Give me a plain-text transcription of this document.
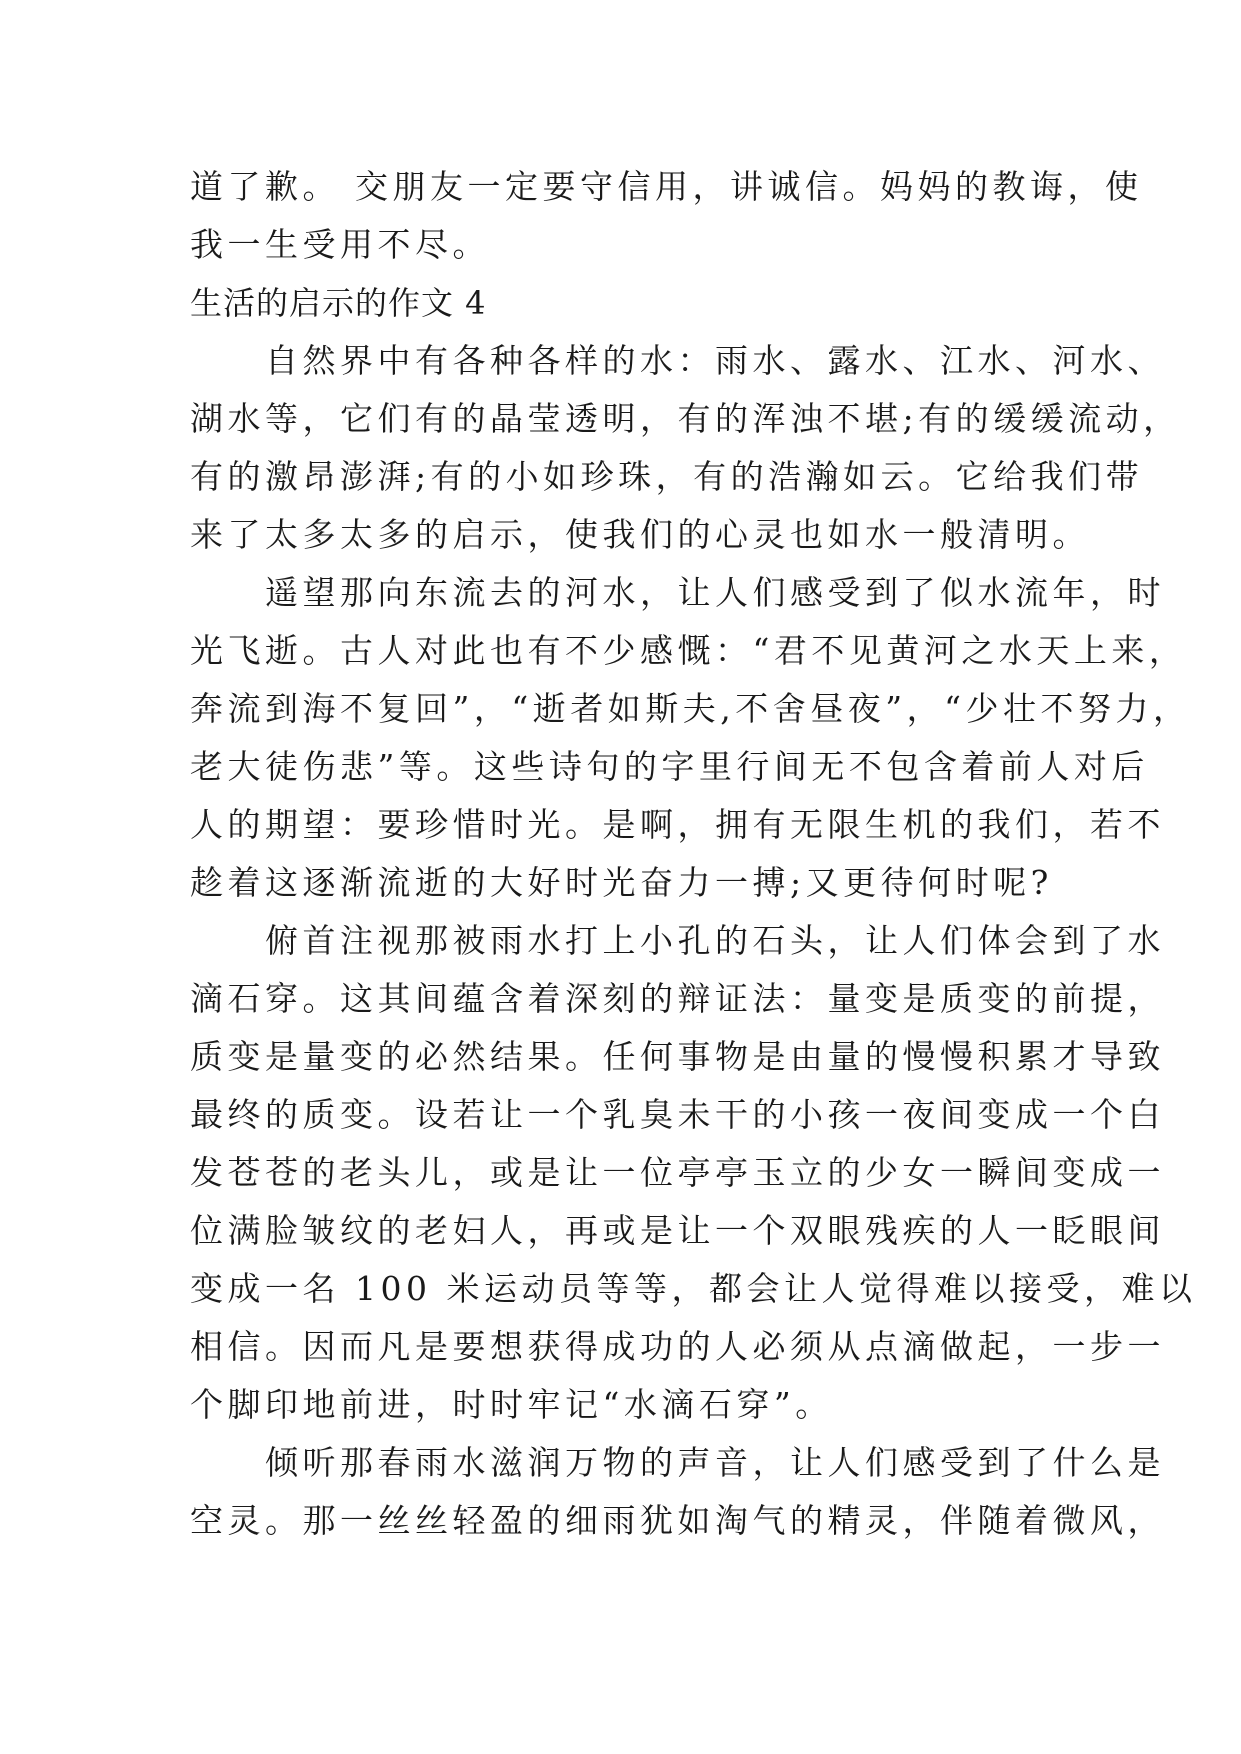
道了歉。 交朋友一定要守信用，讲诚信。妈妈的教诲，使
我一生受用不尽。
生活的启示的作文 4
　　自然界中有各种各样的水：雨水、露水、江水、河水、
湖水等，它们有的晶莹透明，有的浑浊不堪;有的缓缓流动，
有的激昂澎湃;有的小如珍珠，有的浩瀚如云。它给我们带
来了太多太多的启示，使我们的心灵也如水一般清明。
　　遥望那向东流去的河水，让人们感受到了似水流年，时
光飞逝。古人对此也有不少感慨：“君不见黄河之水天上来，
奔流到海不复回”，“逝者如斯夫,不舍昼夜”，“少壮不努力，
老大徒伤悲”等。这些诗句的字里行间无不包含着前人对后
人的期望：要珍惜时光。是啊，拥有无限生机的我们，若不
趁着这逐渐流逝的大好时光奋力一搏;又更待何时呢?
　　俯首注视那被雨水打上小孔的石头，让人们体会到了水
滴石穿。这其间蕴含着深刻的辩证法：量变是质变的前提，
质变是量变的必然结果。任何事物是由量的慢慢积累才导致
最终的质变。设若让一个乳臭未干的小孩一夜间变成一个白
发苍苍的老头儿，或是让一位亭亭玉立的少女一瞬间变成一
位满脸皱纹的老妇人，再或是让一个双眼残疾的人一眨眼间
变成一名 100 米运动员等等，都会让人觉得难以接受，难以
相信。因而凡是要想获得成功的人必须从点滴做起，一步一
个脚印地前进，时时牢记“水滴石穿”。
　　倾听那春雨水滋润万物的声音，让人们感受到了什么是
空灵。那一丝丝轻盈的细雨犹如淘气的精灵，伴随着微风，
